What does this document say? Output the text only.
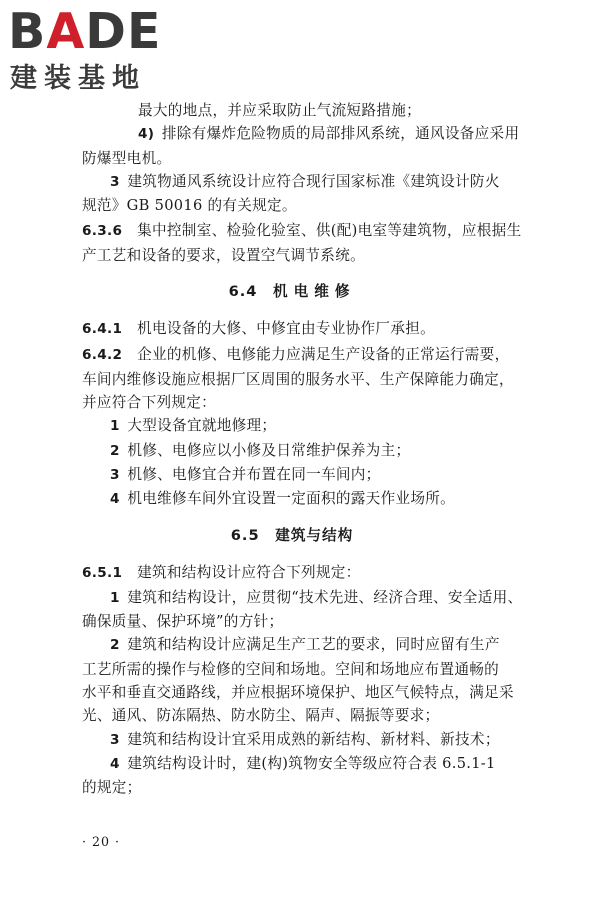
B A DE
建装基地

最大的地点，并应采取防止气流短路措施；

4)  排除有爆炸危险物质的局部排风系统，通风设备应采用

防爆型电机。

3  建筑物通风系统设计应符合现行国家标准《建筑设计防火

规范》GB 50016 的有关规定。

6.3.6  集中控制室、检验化验室、供(配)电室等建筑物，应根据生

产工艺和设备的要求，设置空气调节系统。

6.4  机电维修

6.4.1  机电设备的大修、中修宜由专业协作厂承担。

6.4.2  企业的机修、电修能力应满足生产设备的正常运行需要，

车间内维修设施应根据厂区周围的服务水平、生产保障能力确定，

并应符合下列规定：

1  大型设备宜就地修理；

2  机修、电修应以小修及日常维护保养为主；

3  机修、电修宜合并布置在同一车间内；

4  机电维修车间外宜设置一定面积的露天作业场所。

6.5  建筑与结构

6.5.1  建筑和结构设计应符合下列规定：

1  建筑和结构设计，应贯彻“技术先进、经济合理、安全适用、

确保质量、保护环境”的方针；

2  建筑和结构设计应满足生产工艺的要求，同时应留有生产

工艺所需的操作与检修的空间和场地。空间和场地应布置通畅的

水平和垂直交通路线，并应根据环境保护、地区气候特点，满足采

光、通风、防冻隔热、防水防尘、隔声、隔振等要求；

3  建筑和结构设计宜采用成熟的新结构、新材料、新技术；

4  建筑结构设计时，建(构)筑物安全等级应符合表 6.5.1-1

的规定；

· 20 ·
